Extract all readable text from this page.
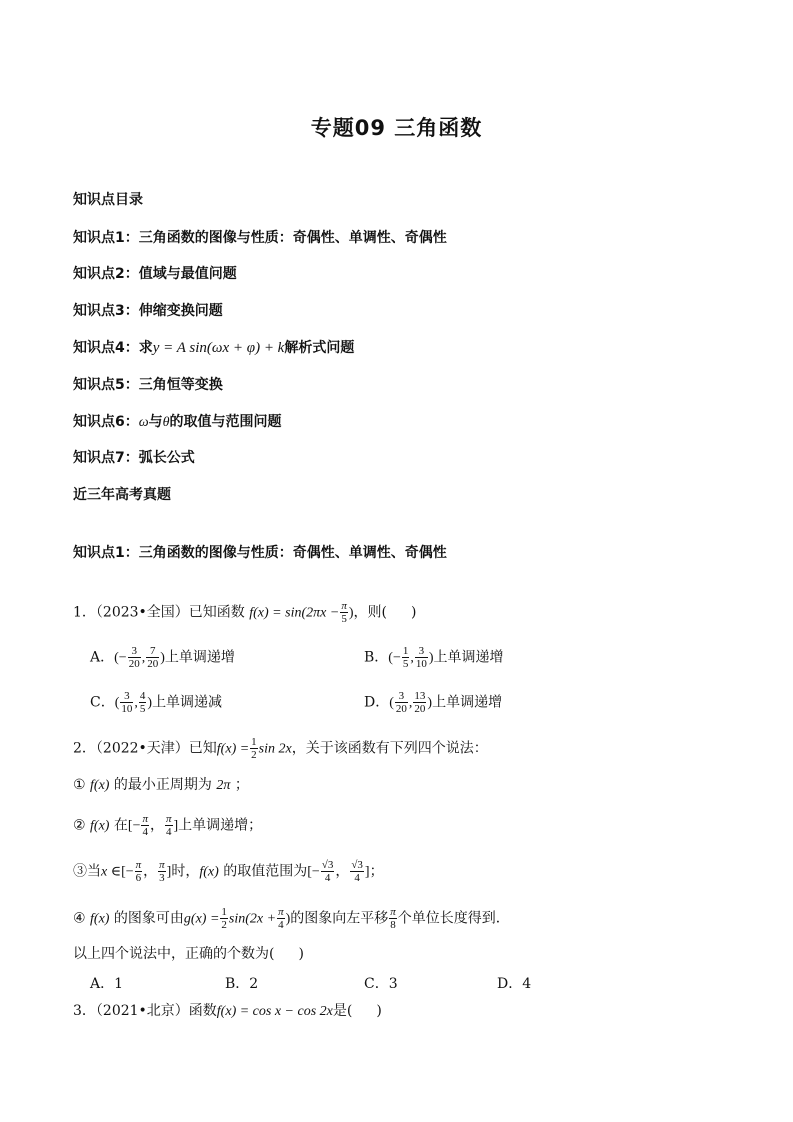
专题09 三角函数
知识点目录
知识点1：三角函数的图像与性质：奇偶性、单调性、奇偶性
知识点2：值域与最值问题
知识点3：伸缩变换问题
知识点4：求y = A sin(ωx + φ) + k解析式问题
知识点5：三角恒等变换
知识点6：ω与θ的取值与范围问题
知识点7：弧长公式
近三年高考真题
知识点1：三角函数的图像与性质：奇偶性、单调性、奇偶性
1．（2023•全国）已知函数 $f(x) = \sin(2\pi x - \frac{\pi}{5}$ )，则( )
A．(− $\frac{3}{20}$ , $\frac{7}{20}$ )上单调递增	B．(− $\frac{1}{5}$ , $\frac{3}{10}$ )上单调递增
C．( $\frac{3}{10}$ , $\frac{4}{5}$ )上单调递减	D．( $\frac{3}{20}$ , $\frac{13}{20}$ )上单调递增
2．（2022•天津）已知$f(x) = \frac{1}{2}$ sin 2x，关于该函数有下列四个说法：
① f(x) 的最小正周期为 2π ；
② f(x) 在[− $\frac{\pi}{4}$ ， $\frac{\pi}{4}$ ]上单调递增；
③当x ∈[− $\frac{\pi}{6}$ ， $\frac{\pi}{3}$ ]时，f(x) 的取值范围为[− $\frac{√3}{4}$ ， $\frac{√3}{4}$ ]；
④ f(x) 的图象可由$g(x) = \frac{1}{2} \sin(2x + \frac{\pi}{4}$ )的图象向左平移 $\frac{\pi}{8}$ 个单位长度得到．
以上四个说法中，正确的个数为( )
A．1	B．2	C．3	D．4
3．（2021•北京）函数f(x) = cos x − cos 2x是( )
